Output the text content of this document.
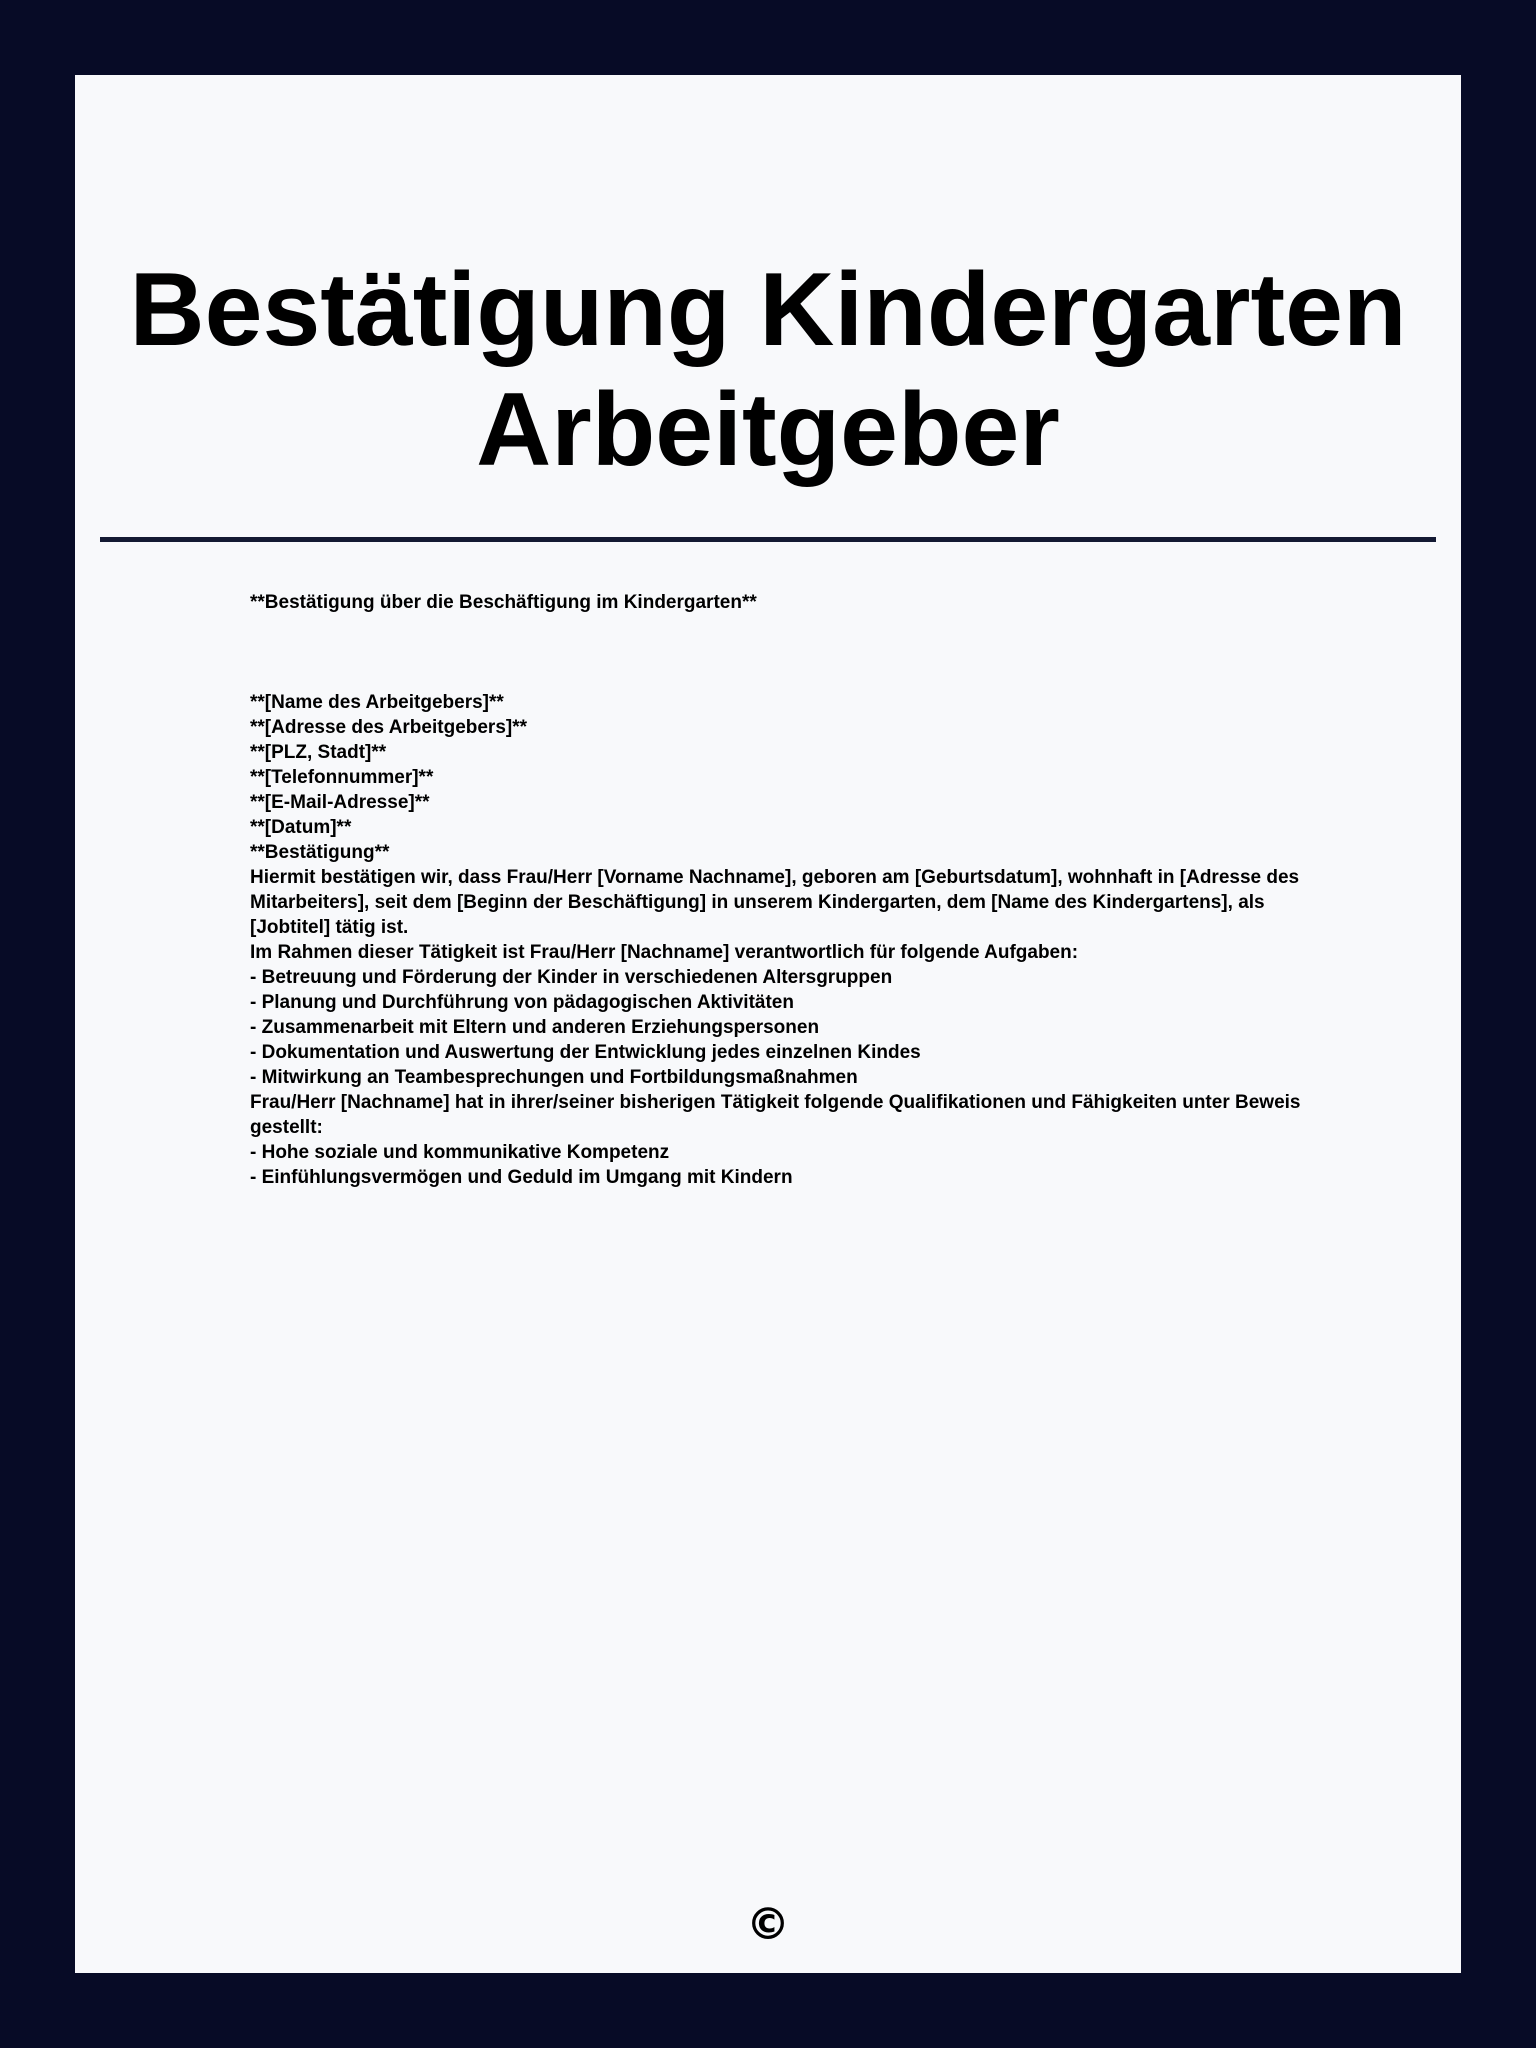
Bestätigung Kindergarten
Arbeitgeber

**Bestätigung über die Beschäftigung im Kindergarten**

**[Name des Arbeitgebers]**
**[Adresse des Arbeitgebers]**
**[PLZ, Stadt]**
**[Telefonnummer]**
**[E-Mail-Adresse]**

**[Datum]**

**Bestätigung**

Hiermit bestätigen wir, dass Frau/Herr [Vorname Nachname], geboren am [Geburtsdatum], wohnhaft in [Adresse des Mitarbeiters], seit dem [Beginn der Beschäftigung] in unserem Kindergarten, dem [Name des Kindergartens], als [Jobtitel] tätig ist.

Im Rahmen dieser Tätigkeit ist Frau/Herr [Nachname] verantwortlich für folgende Aufgaben:

- Betreuung und Förderung der Kinder in verschiedenen Altersgruppen

- Planung und Durchführung von pädagogischen Aktivitäten

- Zusammenarbeit mit Eltern und anderen Erziehungspersonen

- Dokumentation und Auswertung der Entwicklung jedes einzelnen Kindes

- Mitwirkung an Teambesprechungen und Fortbildungsmaßnahmen

Frau/Herr [Nachname] hat in ihrer/seiner bisherigen Tätigkeit folgende Qualifikationen und Fähigkeiten unter Beweis gestellt:

- Hohe soziale und kommunikative Kompetenz

- Einfühlungsvermögen und Geduld im Umgang mit Kindern

©
